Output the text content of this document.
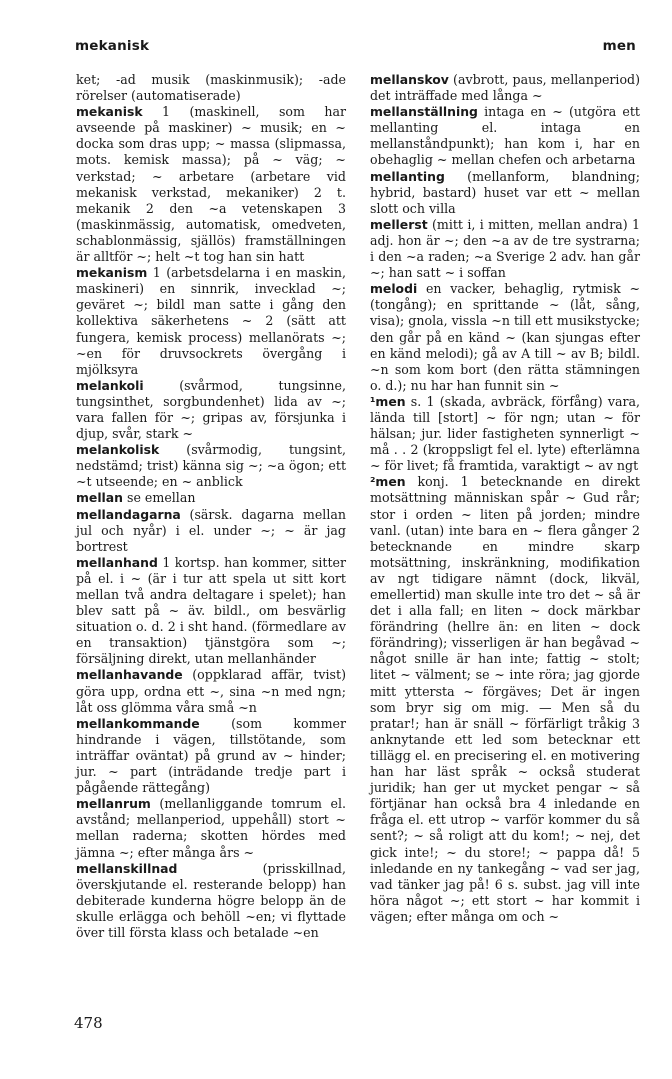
mekanisk	men

ket; -ad musik (maskinmusik); -ade rörelser (automatiserade)

mekanisk 1 (maskinell, som har avseende på maskiner) ~ musik; en ~ docka som dras upp; ~ massa (slipmassa, mots. kemisk massa); på ~ väg; ~ verkstad; ~ arbetare (arbetare vid mekanisk verkstad, mekaniker) 2 t. mekanik 2 den ~a vetenskapen 3 (maskinmässig, automatisk, omedveten, schablonmässig, själlös) framställningen är alltför ~; helt ~t tog han sin hatt

mekanism 1 (arbetsdelarna i en maskin, maskineri) en sinnrik, invecklad ~; geväret ~; bildl man satte i gång den kollektiva säkerhetens ~ 2 (sätt att fungera, kemisk process) mellanörats ~; ~en för druvsockrets övergång i mjölksyra

melankoli (svårmod, tungsinne, tungsinthet, sorgbundenhet) lida av ~; vara fallen för ~; gripas av, försjunka i djup, svår, stark ~

melankolisk (svårmodig, tungsint, nedstämd; trist) känna sig ~; ~a ögon; ett ~t utseende; en ~ anblick

mellan se emellan

mellandagarna (särsk. dagarna mellan jul och nyår) i el. under ~; ~ är jag bortrest

mellanhand 1 kortsp. han kommer, sitter på el. i ~ (är i tur att spela ut sitt kort mellan två andra deltagare i spelet); han blev satt på ~ äv. bildl., om besvärlig situation o. d. 2 i sht hand. (förmedlare av en transaktion) tjänstgöra som ~; försäljning direkt, utan mellanhänder

mellanhavande (oppklarad affär, tvist) göra upp, ordna ett ~, sina ~n med ngn; låt oss glömma våra små ~n

mellankommande (som kommer hindrande i vägen, tillstötande, som inträffar oväntat) på grund av ~ hinder; jur. ~ part (inträdande tredje part i pågående rättegång)

mellanrum (mellanliggande tomrum el. avstånd; mellanperiod, uppehåll) stort ~ mellan raderna; skotten hördes med jämna ~; efter många års ~

mellanskillnad (prisskillnad, överskjutande el. resterande belopp) han debiterade kunderna högre belopp än de skulle erlägga och behöll ~en; vi flyttade över till första klass och betalade ~en

mellanskov (avbrott, paus, mellanperiod) det inträffade med långa ~

mellanställning intaga en ~ (utgöra ett mellanting el. intaga en mellanståndpunkt); han kom i, har en obehaglig ~ mellan chefen och arbetarna

mellanting (mellanform, blandning; hybrid, bastard) huset var ett ~ mellan slott och villa

mellerst (mitt i, i mitten, mellan andra) 1 adj. hon är ~; den ~a av de tre systrarna; i den ~a raden; ~a Sverige 2 adv. han går ~; han satt ~ i soffan

melodi en vacker, behaglig, rytmisk ~ (tongång); en sprittande ~ (låt, sång, visa); gnola, vissla ~n till ett musikstycke; den går på en känd ~ (kan sjungas efter en känd melodi); gå av A till ~ av B; bildl. ~n som kom bort (den rätta stämningen o. d.); nu har han funnit sin ~

¹men s. 1 (skada, avbräck, förfång) vara, lända till [stort] ~ för ngn; utan ~ för hälsan; jur. lider fastigheten synnerligt ~ må . . 2 (kroppsligt fel el. lyte) efterlämna ~ för livet; få framtida, varaktigt ~ av ngt

²men konj. 1 betecknande en direkt motsättning människan spår ~ Gud rår; stor i orden ~ liten på jorden; mindre vanl. (utan) inte bara en ~ flera gånger 2 betecknande en mindre skarp motsättning, inskränkning, modifikation av ngt tidigare nämnt (dock, likväl, emellertid) man skulle inte tro det ~ så är det i alla fall; en liten ~ dock märkbar förändring (hellre än: en liten ~ dock förändring); visserligen är han begåvad ~ något snille är han inte; fattig ~ stolt; litet ~ välment; se ~ inte röra; jag gjorde mitt yttersta ~ förgäves; Det är ingen som bryr sig om mig. — Men så du pratar!; han är snäll ~ förfärligt tråkig 3 anknytande ett led som betecknar ett tillägg el. en precisering el. en motivering han har läst språk ~ också studerat juridik; han ger ut mycket pengar ~ så förtjänar han också bra 4 inledande en fråga el. ett utrop ~ varför kommer du så sent?; ~ så roligt att du kom!; ~ nej, det gick inte!; ~ du store!; ~ pappa då! 5 inledande en ny tankegång ~ vad ser jag, vad tänker jag på! 6 s. subst. jag vill inte höra något ~; ett stort ~ har kommit i vägen; efter många om och ~

478
